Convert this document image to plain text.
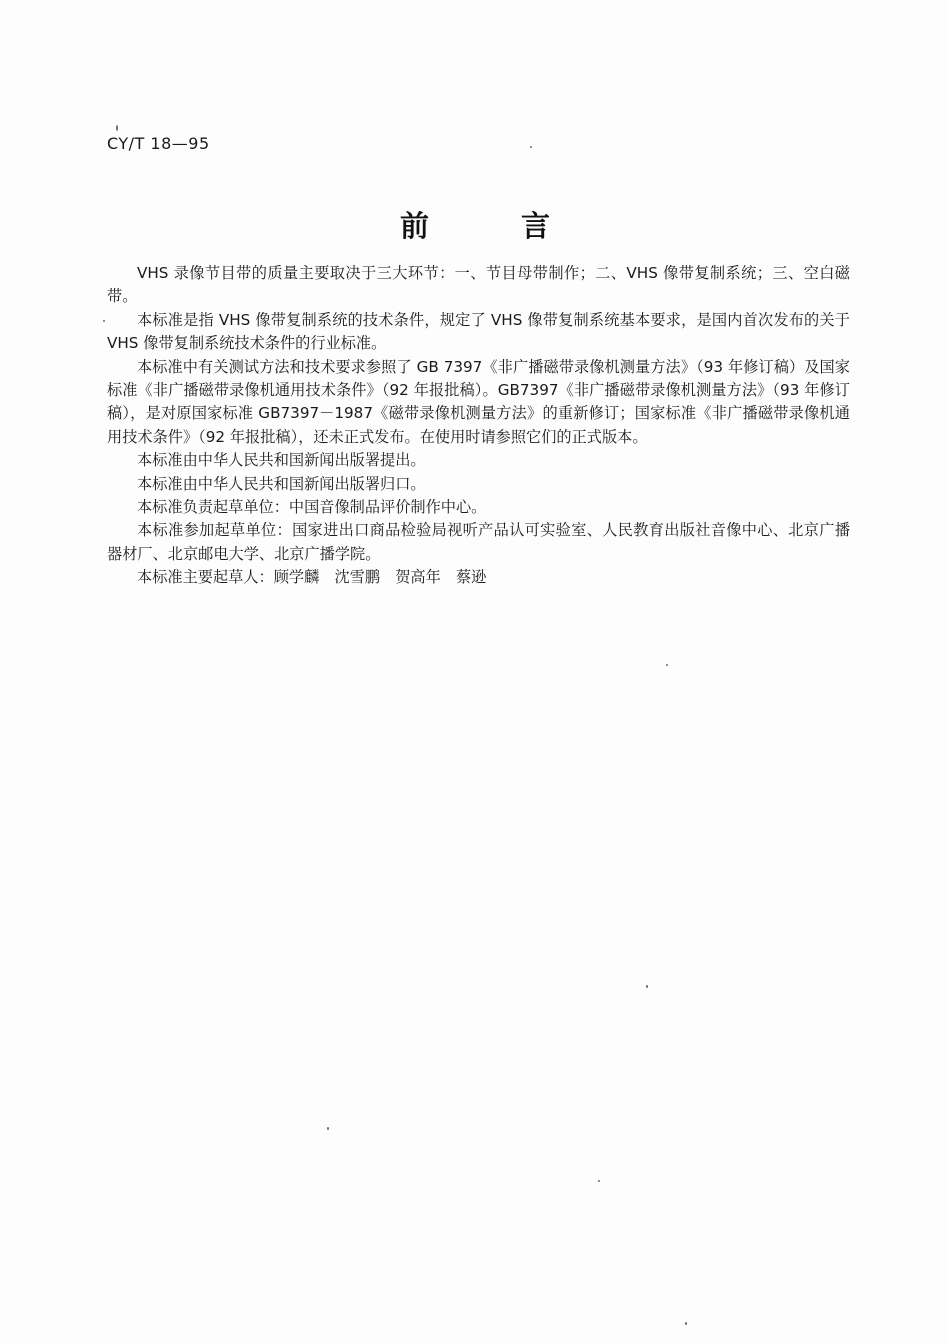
CY/T 18—95
前	言

VHS 录像节目带的质量主要取决于三大环节：一、节目母带制作；二、VHS 像带复制系统；三、空白磁带。

本标准是指 VHS 像带复制系统的技术条件，规定了 VHS 像带复制系统基本要求，是国内首次发布的关于 VHS 像带复制系统技术条件的行业标准。

本标准中有关测试方法和技术要求参照了 GB 7397《非广播磁带录像机测量方法》（93 年修订稿）及国家标准《非广播磁带录像机通用技术条件》（92 年报批稿）。GB7397《非广播磁带录像机测量方法》（93 年修订稿），是对原国家标准 GB7397－1987《磁带录像机测量方法》的重新修订；国家标准《非广播磁带录像机通用技术条件》（92 年报批稿），还未正式发布。在使用时请参照它们的正式版本。

本标准由中华人民共和国新闻出版署提出。

本标准由中华人民共和国新闻出版署归口。

本标准负责起草单位：中国音像制品评价制作中心。

本标准参加起草单位：国家进出口商品检验局视听产品认可实验室、人民教育出版社音像中心、北京广播器材厂、北京邮电大学、北京广播学院。

本标准主要起草人：顾学麟　沈雪鹏　贺高年　蔡逊
